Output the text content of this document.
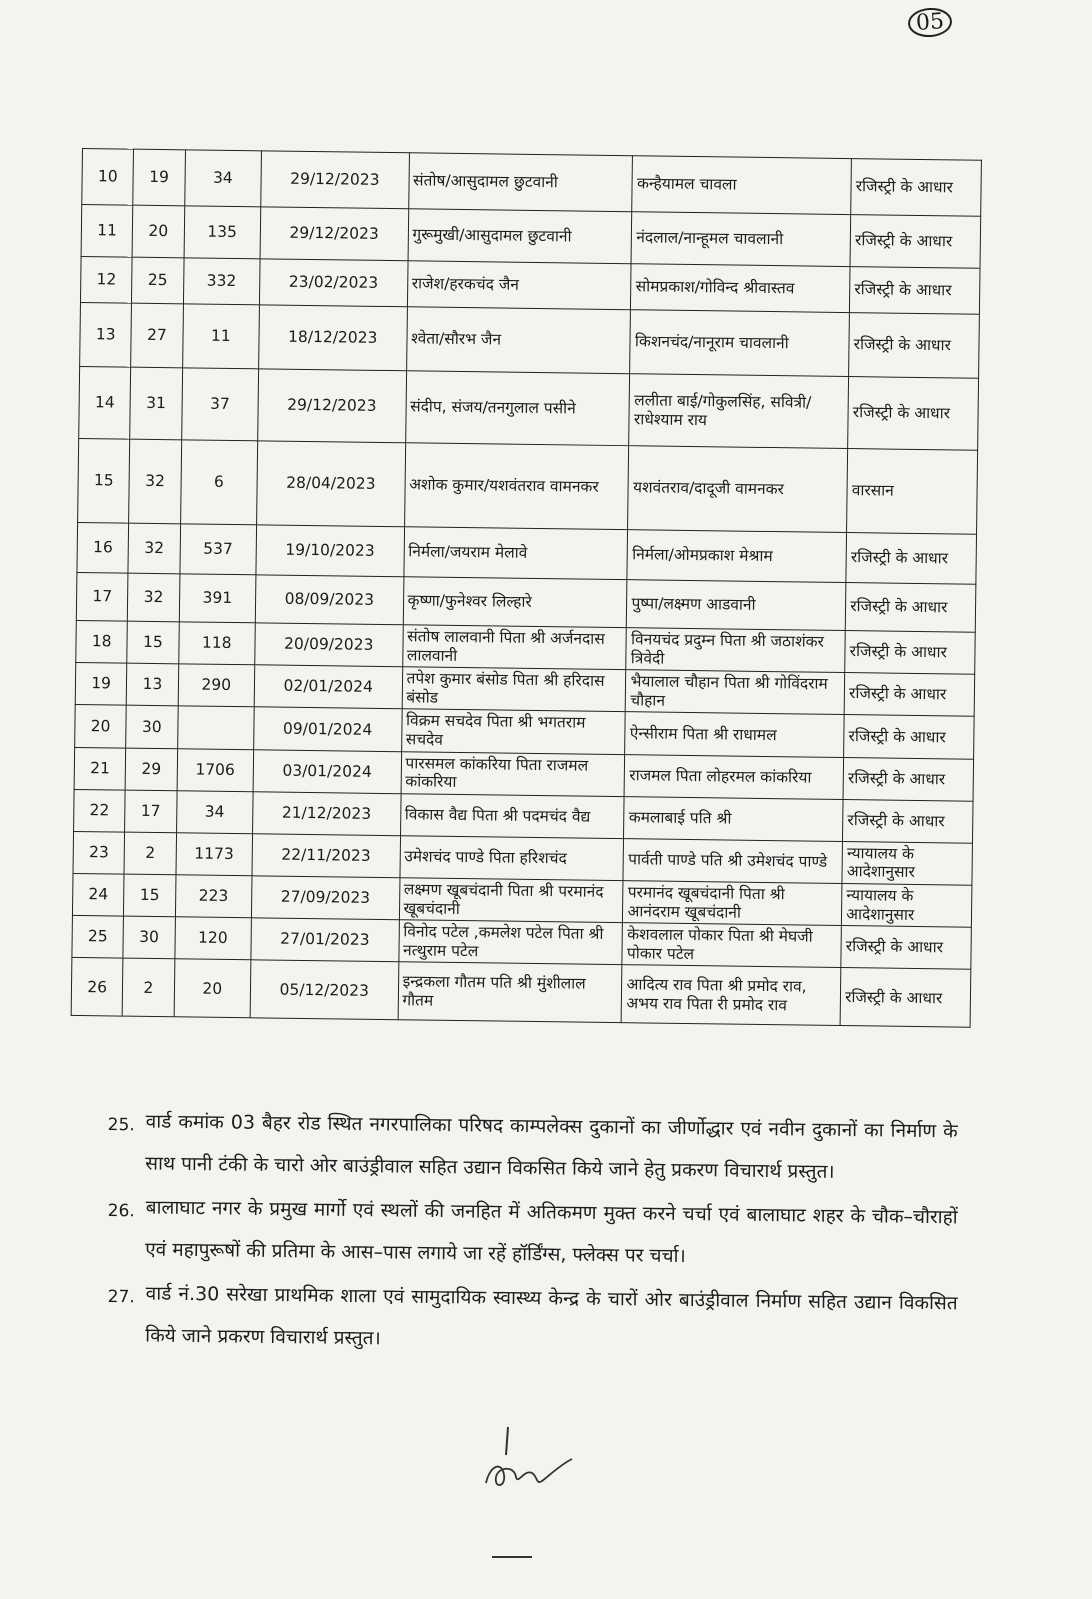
05
10	19	34	29/12/2023	संतोष/आसुदामल छुटवानी	कन्हैयामल चावला	रजिस्ट्री के आधार
11	20	135	29/12/2023	गुरूमुखी/आसुदामल छुटवानी	नंदलाल/नान्हूमल चावलानी	रजिस्ट्री के आधार
12	25	332	23/02/2023	राजेश/हरकचंद जैन	सोमप्रकाश/गोविन्द श्रीवास्तव	रजिस्ट्री के आधार
13	27	11	18/12/2023	श्वेता/सौरभ जैन	किशनचंद/नानूराम चावलानी	रजिस्ट्री के आधार
14	31	37	29/12/2023	संदीप, संजय/तनगुलाल पसीने	ललीता बाई/गोकुलसिंह, सवित्री/राधेश्याम राय	रजिस्ट्री के आधार
15	32	6	28/04/2023	अशोक कुमार/यशवंतराव वामनकर	यशवंतराव/दादूजी वामनकर	वारसान
16	32	537	19/10/2023	निर्मला/जयराम मेलावे	निर्मला/ओमप्रकाश मेश्राम	रजिस्ट्री के आधार
17	32	391	08/09/2023	कृष्णा/फुनेश्वर लिल्हारे	पुष्पा/लक्ष्मण आडवानी	रजिस्ट्री के आधार
18	15	118	20/09/2023	संतोष लालवानी पिता श्री अर्जनदास लालवानी	विनयचंद प्रदुम्न पिता श्री जठाशंकर त्रिवेदी	रजिस्ट्री के आधार
19	13	290	02/01/2024	तपेश कुमार बंसोड पिता श्री हरिदास बंसोड	भैयालाल चौहान पिता श्री गोविंदराम चौहान	रजिस्ट्री के आधार
20	30		09/01/2024	विक्रम सचदेव पिता श्री भगतराम सचदेव	ऐन्सीराम पिता श्री राधामल	रजिस्ट्री के आधार
21	29	1706	03/01/2024	पारसमल कांकरिया पिता राजमल कांकरिया	राजमल पिता लोहरमल कांकरिया	रजिस्ट्री के आधार
22	17	34	21/12/2023	विकास वैद्य पिता श्री पदमचंद वैद्य	कमलाबाई पति श्री	रजिस्ट्री के आधार
23	2	1173	22/11/2023	उमेशचंद पाण्डे पिता हरिशचंद	पार्वती पाण्डे पति श्री उमेशचंद पाण्डे	न्यायालय के आदेशानुसार
24	15	223	27/09/2023	लक्ष्मण खूबचंदानी पिता श्री परमानंद खूबचंदानी	परमानंद खूबचंदानी पिता श्री आनंदराम खूबचंदानी	न्यायालय के आदेशानुसार
25	30	120	27/01/2023	विनोद पटेल ,कमलेश पटेल पिता श्री नत्थुराम पटेल	केशवलाल पोकार पिता श्री मेघजी पोकार पटेल	रजिस्ट्री के आधार
26	2	20	05/12/2023	इन्द्रकला गौतम पति श्री मुंशीलाल गौतम	आदित्य राव पिता श्री प्रमोद राव, अभय राव पिता री प्रमोद राव	रजिस्ट्री के आधार
25. वार्ड कमांक 03 बैहर रोड स्थित नगरपालिका परिषद काम्पलेक्स दुकानों का जीर्णोद्धार एवं नवीन दुकानों का निर्माण के साथ पानी टंकी के चारो ओर बाउंड्रीवाल सहित उद्यान विकसित किये जाने हेतु प्रकरण विचारार्थ प्रस्तुत।
26. बालाघाट नगर के प्रमुख मार्गो एवं स्थलों की जनहित में अतिकमण मुक्त करने चर्चा एवं बालाघाट शहर के चौक–चौराहों एवं महापुरूषों की प्रतिमा के आस–पास लगाये जा रहें हॉर्डिंग्स, फ्लेक्स पर चर्चा।
27. वार्ड नं.30 सरेखा प्राथमिक शाला एवं सामुदायिक स्वास्थ्य केन्द्र के चारों ओर बाउंड्रीवाल निर्माण सहित उद्यान विकसित किये जाने प्रकरण विचारार्थ प्रस्तुत।
